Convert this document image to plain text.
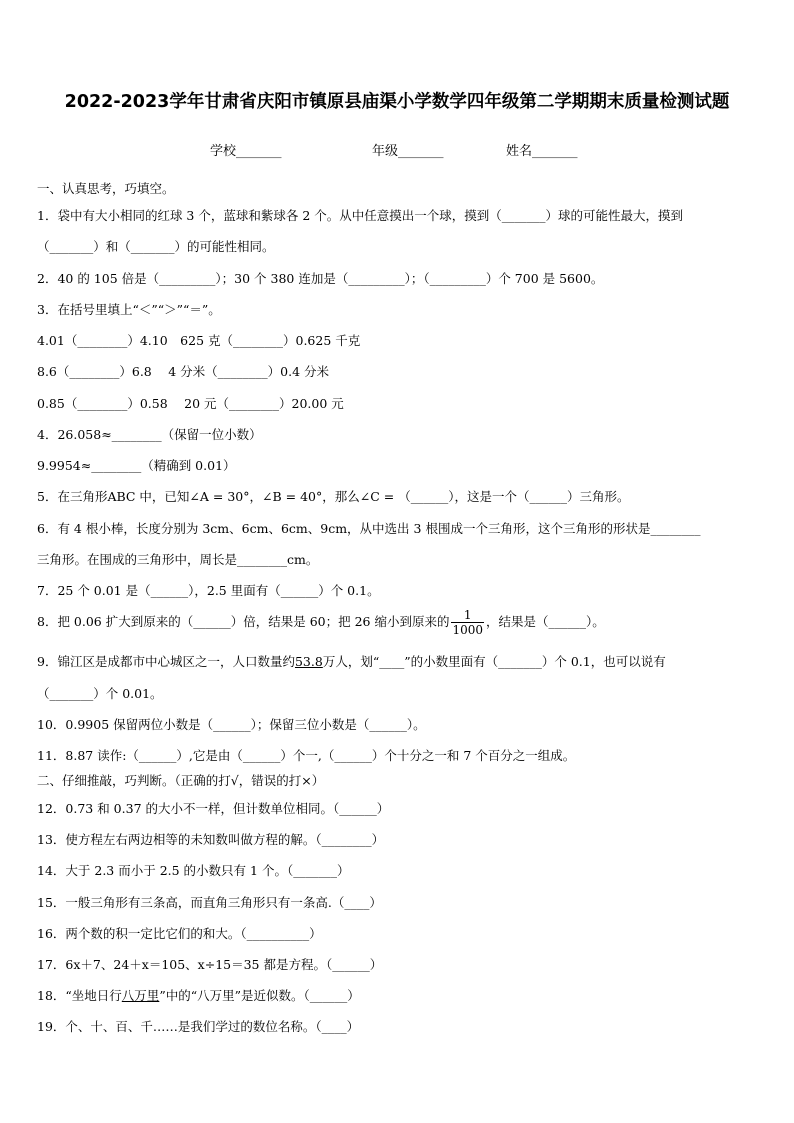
2022-2023学年甘肃省庆阳市镇原县庙渠小学数学四年级第二学期期末质量检测试题
学校_______	年级_______	姓名_______
一、认真思考，巧填空。
1．袋中有大小相同的红球 3 个，蓝球和紫球各 2 个。从中任意摸出一个球，摸到（_______）球的可能性最大，摸到
（_______）和（_______）的可能性相同。
2．40 的 105 倍是（_________）；30 个 380 连加是（_________）；（_________）个 700 是 5600。
3．在括号里填上“＜”“＞”“＝”。
4.01（________）4.10　625 克（________）0.625 千克
8.6（________）6.8　 4 分米（________）0.4 分米
0.85（________）0.58　 20 元（________）20.00 元
4．26.058≈________（保留一位小数）
9.9954≈________（精确到 0.01）
5．在三角形ABC 中，已知∠A = 30°，∠B = 40°，那么∠C = （______），这是一个（______）三角形。
6．有 4 根小棒，长度分别为 3cm、6cm、6cm、9cm，从中选出 3 根围成一个三角形，这个三角形的形状是________
三角形。在围成的三角形中，周长是________cm。
7．25 个 0.01 是（______），2.5 里面有（______）个 0.1。
8．把 0.06 扩大到原来的（______）倍，结果是 60；把 26 缩小到原来的 $\frac{1}{1000}$ ，结果是（______）。
9．锦江区是成都市中心城区之一，人口数量约53.8万人，划“____”的小数里面有（_______）个 0.1，也可以说有
（_______）个 0.01。
10．0.9905 保留两位小数是（______）；保留三位小数是（______）。
11．8.87 读作:（______）,它是由（______）个一,（______）个十分之一和 7 个百分之一组成。
二、仔细推敲，巧判断。（正确的打√，错误的打×）
12．0.73 和 0.37 的大小不一样，但计数单位相同。（______）
13．使方程左右两边相等的未知数叫做方程的解。（________）
14．大于 2.3 而小于 2.5 的小数只有 1 个。（_______）
15．一般三角形有三条高，而直角三角形只有一条高.（____）
16．两个数的积一定比它们的和大。（__________）
17．6x＋7、24＋x＝105、x÷15＝35 都是方程。（______）
18．“坐地日行八万里”中的“八万里”是近似数。（______）
19．个、十、百、千……是我们学过的数位名称。（____）
